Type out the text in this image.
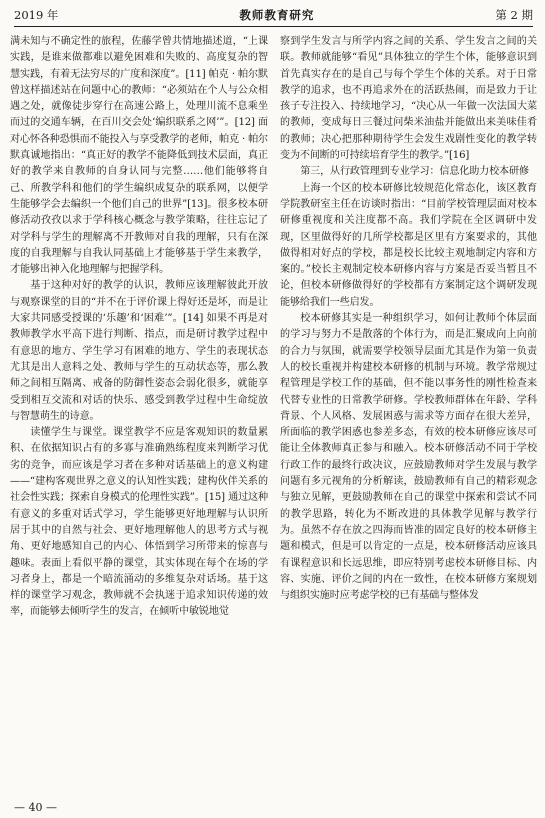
2019 年	教师教育研究	第 2 期

满未知与不确定性的旅程，佐藤学曾共情地描述道，“上课实践，是谁来做都难以避免困难和失败的、高度复杂的智慧实践，有着无法穷尽的广度和深度”。[11] 帕克 · 帕尔默曾这样描述站在问题中心的教师：“必须站在个人与公众相遇之处，就像徒步穿行在高速公路上，处理川流不息乘坐而过的交通车辆，在百川交会处‘编织联系之网’”。[12] 面对心怀各种恐惧而不能投入与享受教学的老师，帕克 · 帕尔默真诚地指出：“真正好的教学不能降低到技术层面，真正好的教学来自教师的自身认同与完整……他们能够将自己、所教学科和他们的学生编织成复杂的联系网，以便学生能够学会去编织一个他们自己的世界”[13]。很多校本研修活动孜孜以求于学科核心概念与教学策略，往往忘记了对学科与学生的理解离不开教师对自我的理解，只有在深度的自我理解与自我认同基础上才能够基于学生来教学，才能够出神入化地理解与把握学科。

基于这种对好的教学的认识，教师应该理解彼此开放与观察课堂的目的“并不在于评价课上得好还是坏，而是让大家共同感受授课的‘乐趣’和‘困难’”。[14] 如果不再是对教师教学水平高下进行判断、指点，而是研讨教学过程中有意思的地方、学生学习有困难的地方、学生的表现状态尤其是出人意料之处、教师与学生的互动状态等，那么教师之间相互隔离、戒备的防御性姿态会弱化很多，就能享受到相互交流和对话的快乐、感受到教学过程中生命绽放与智慧萌生的诗意。

读懂学生与课堂。课堂教学不应是客观知识的数量累积、在依据知识占有的多寡与准确熟练程度来判断学习优劣的竞争，而应该是学习者在多种对话基础上的意义构建——“建构客观世界之意义的认知性实践；建构伙伴关系的社会性实践；探索自身模式的伦理性实践”。[15] 通过这种有意义的多重对话式学习，学生能够更好地理解与认识所居于其中的自然与社会、更好地理解他人的思考方式与视角、更好地感知自己的内心、体悟到学习所带来的惊喜与趣味。表面上看似平静的课堂，其实体现在每个在场的学习者身上，都是一个暗流涌动的多维复杂对话场。基于这样的课堂学习观念，教师就不会执迷于追求知识传递的效率，而能够去倾听学生的发言，在倾听中敏锐地觉

察到学生发言与所学内容之间的关系、学生发言之间的关联。教师就能够“看见”具体独立的学生个体，能够意识到首先真实存在的是自己与每个学生个体的关系。对于日常教学的追求，也不再追求外在的活跃热闹，而是致力于让孩子专注投入、持续地学习，“决心从一年做一次法国大菜的教师，变成每日三餐过问柴米油盐并能做出来美味佳肴的教师；决心把那种期待学生会发生戏剧性变化的教学转变为不间断的可持续培育学生的教学。”[16]

第三，从行政管理到专业学习：信息化助力校本研修

上海一个区的校本研修比较规范化常态化，该区教育学院教研室主任在访谈时指出：“目前学校管理层面对校本研修重视度和关注度都不高。我们学院在全区调研中发现，区里做得好的几所学校都是区里有方案要求的，其他做得相对好点的学校，都是校长比较主观地制定内容和方案的。”校长主观制定校本研修内容与方案是否妥当暂且不论，但校本研修做得好的学校都有方案制定这个调研发现能够给我们一些启发。

校本研修其实是一种组织学习，如何让教师个体层面的学习与努力不是散落的个体行为，而是汇聚成向上向前的合力与氛围，就需要学校领导层面尤其是作为第一负责人的校长重视并构建校本研修的机制与环境。教学常规过程管理是学校工作的基础，但不能以事务性的刚性检查来代替专业性的日常教学研修。学校教师群体在年龄、学科背景、个人风格、发展困惑与需求等方面存在很大差异，所面临的教学困惑也参差多态，有效的校本研修应该尽可能让全体教师真正参与和融入。校本研修活动不同于学校行政工作的最终行政决议，应鼓励教师对学生发展与教学问题有多元视角的分析解读，鼓励教师有自己的精彩观念与独立见解，更鼓励教师在自己的课堂中探索和尝试不同的教学思路，转化为不断改进的具体教学见解与教学行为。虽然不存在放之四海而皆准的固定良好的校本研修主题和模式，但是可以肯定的一点是，校本研修活动应该具有课程意识和长远思维，即应特别考虑校本研修目标、内容、实施、评价之间的内在一致性，在校本研修方案规划与组织实施时应考虑学校的已有基础与整体发

— 40 —
